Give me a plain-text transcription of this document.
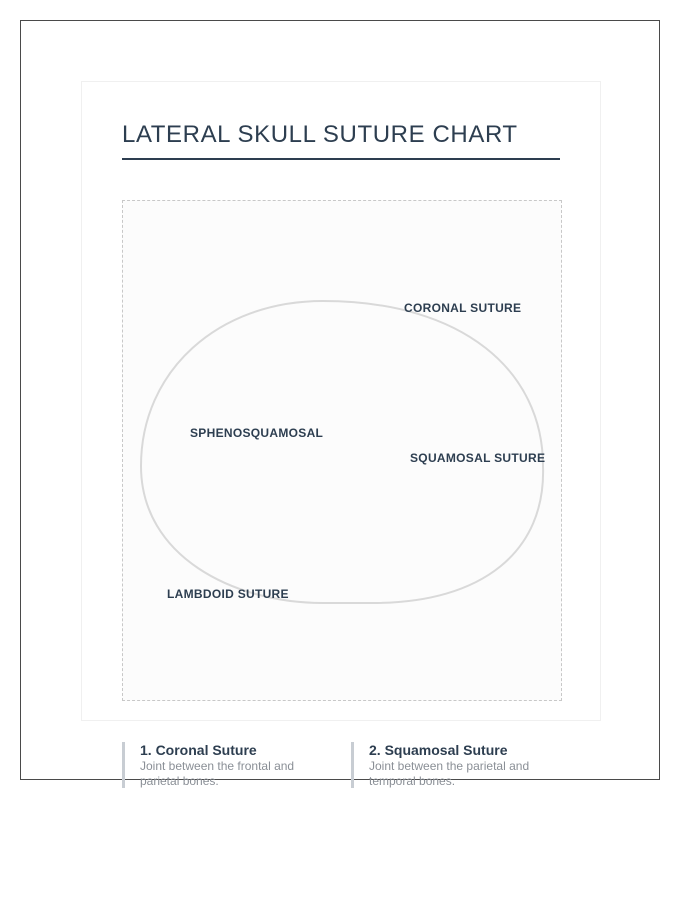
LATERAL SKULL SUTURE CHART
CORONAL SUTURE
SPHENOSQUAMOSAL
SQUAMOSAL SUTURE
LAMBDOID SUTURE
1. Coronal Suture
Joint between the frontal and parietal bones.
2. Squamosal Suture
Joint between the parietal and temporal bones.
